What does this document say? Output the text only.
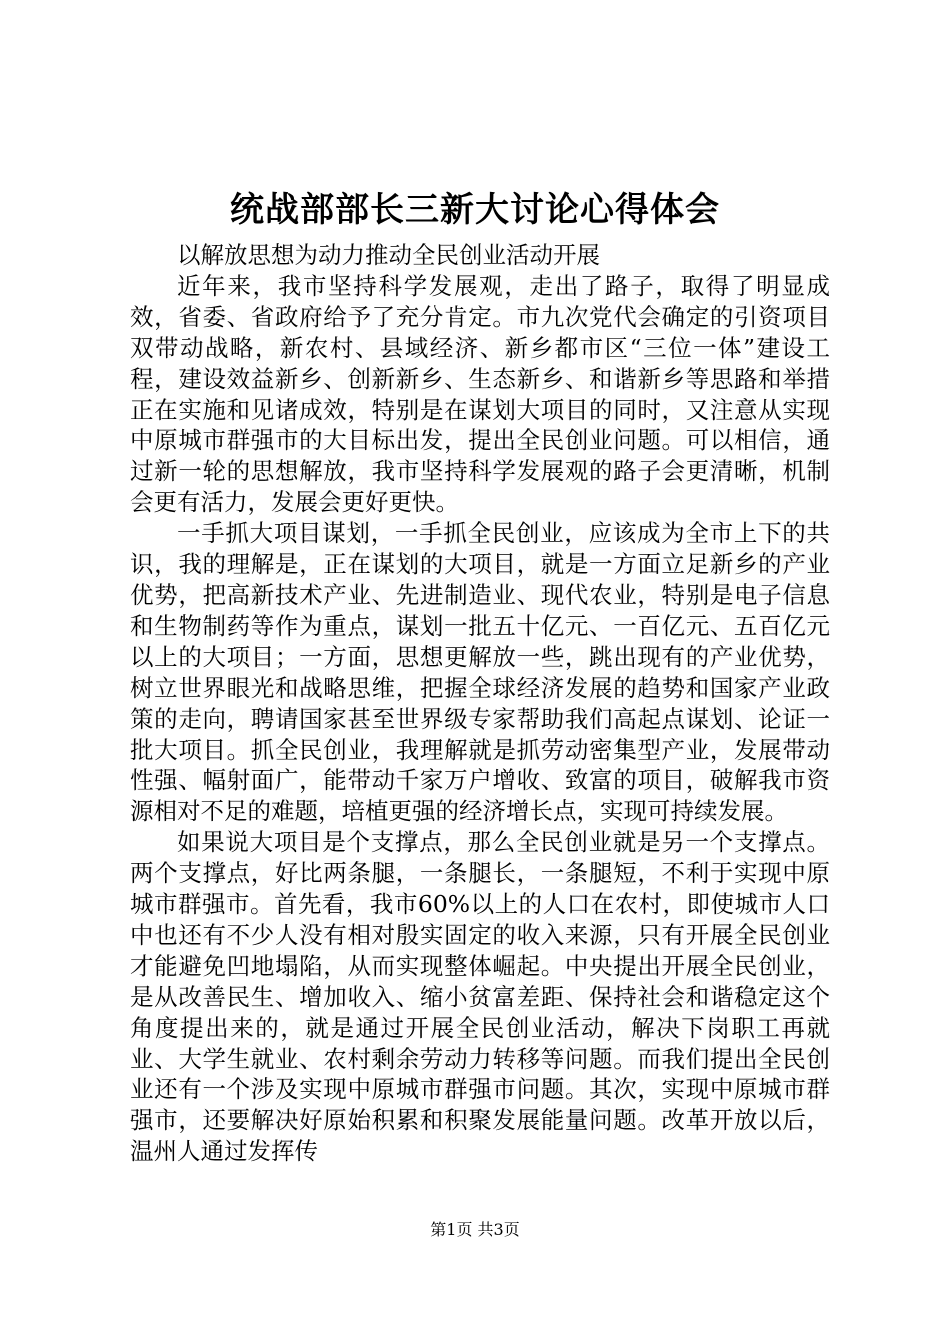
统战部部长三新大讨论心得体会

以解放思想为动力推动全民创业活动开展

近年来，我市坚持科学发展观，走出了路子，取得了明显成效，省委、省政府给予了充分肯定。市九次党代会确定的引资项目双带动战略，新农村、县域经济、新乡都市区“三位一体”建设工程，建设效益新乡、创新新乡、生态新乡、和谐新乡等思路和举措正在实施和见诸成效，特别是在谋划大项目的同时，又注意从实现中原城市群强市的大目标出发，提出全民创业问题。可以相信，通过新一轮的思想解放，我市坚持科学发展观的路子会更清晰，机制会更有活力，发展会更好更快。

一手抓大项目谋划，一手抓全民创业，应该成为全市上下的共识，我的理解是，正在谋划的大项目，就是一方面立足新乡的产业优势，把高新技术产业、先进制造业、现代农业，特别是电子信息和生物制药等作为重点，谋划一批五十亿元、一百亿元、五百亿元以上的大项目；一方面，思想更解放一些，跳出现有的产业优势，树立世界眼光和战略思维，把握全球经济发展的趋势和国家产业政策的走向，聘请国家甚至世界级专家帮助我们高起点谋划、论证一批大项目。抓全民创业，我理解就是抓劳动密集型产业，发展带动性强、幅射面广，能带动千家万户增收、致富的项目，破解我市资源相对不足的难题，培植更强的经济增长点，实现可持续发展。

如果说大项目是个支撑点，那么全民创业就是另一个支撑点。两个支撑点，好比两条腿，一条腿长，一条腿短，不利于实现中原城市群强市。首先看，我市60%以上的人口在农村，即使城市人口中也还有不少人没有相对殷实固定的收入来源，只有开展全民创业才能避免凹地塌陷，从而实现整体崛起。中央提出开展全民创业，是从改善民生、增加收入、缩小贫富差距、保持社会和谐稳定这个角度提出来的，就是通过开展全民创业活动，解决下岗职工再就业、大学生就业、农村剩余劳动力转移等问题。而我们提出全民创业还有一个涉及实现中原城市群强市问题。其次，实现中原城市群强市，还要解决好原始积累和积聚发展能量问题。改革开放以后，温州人通过发挥传

第1页 共3页
